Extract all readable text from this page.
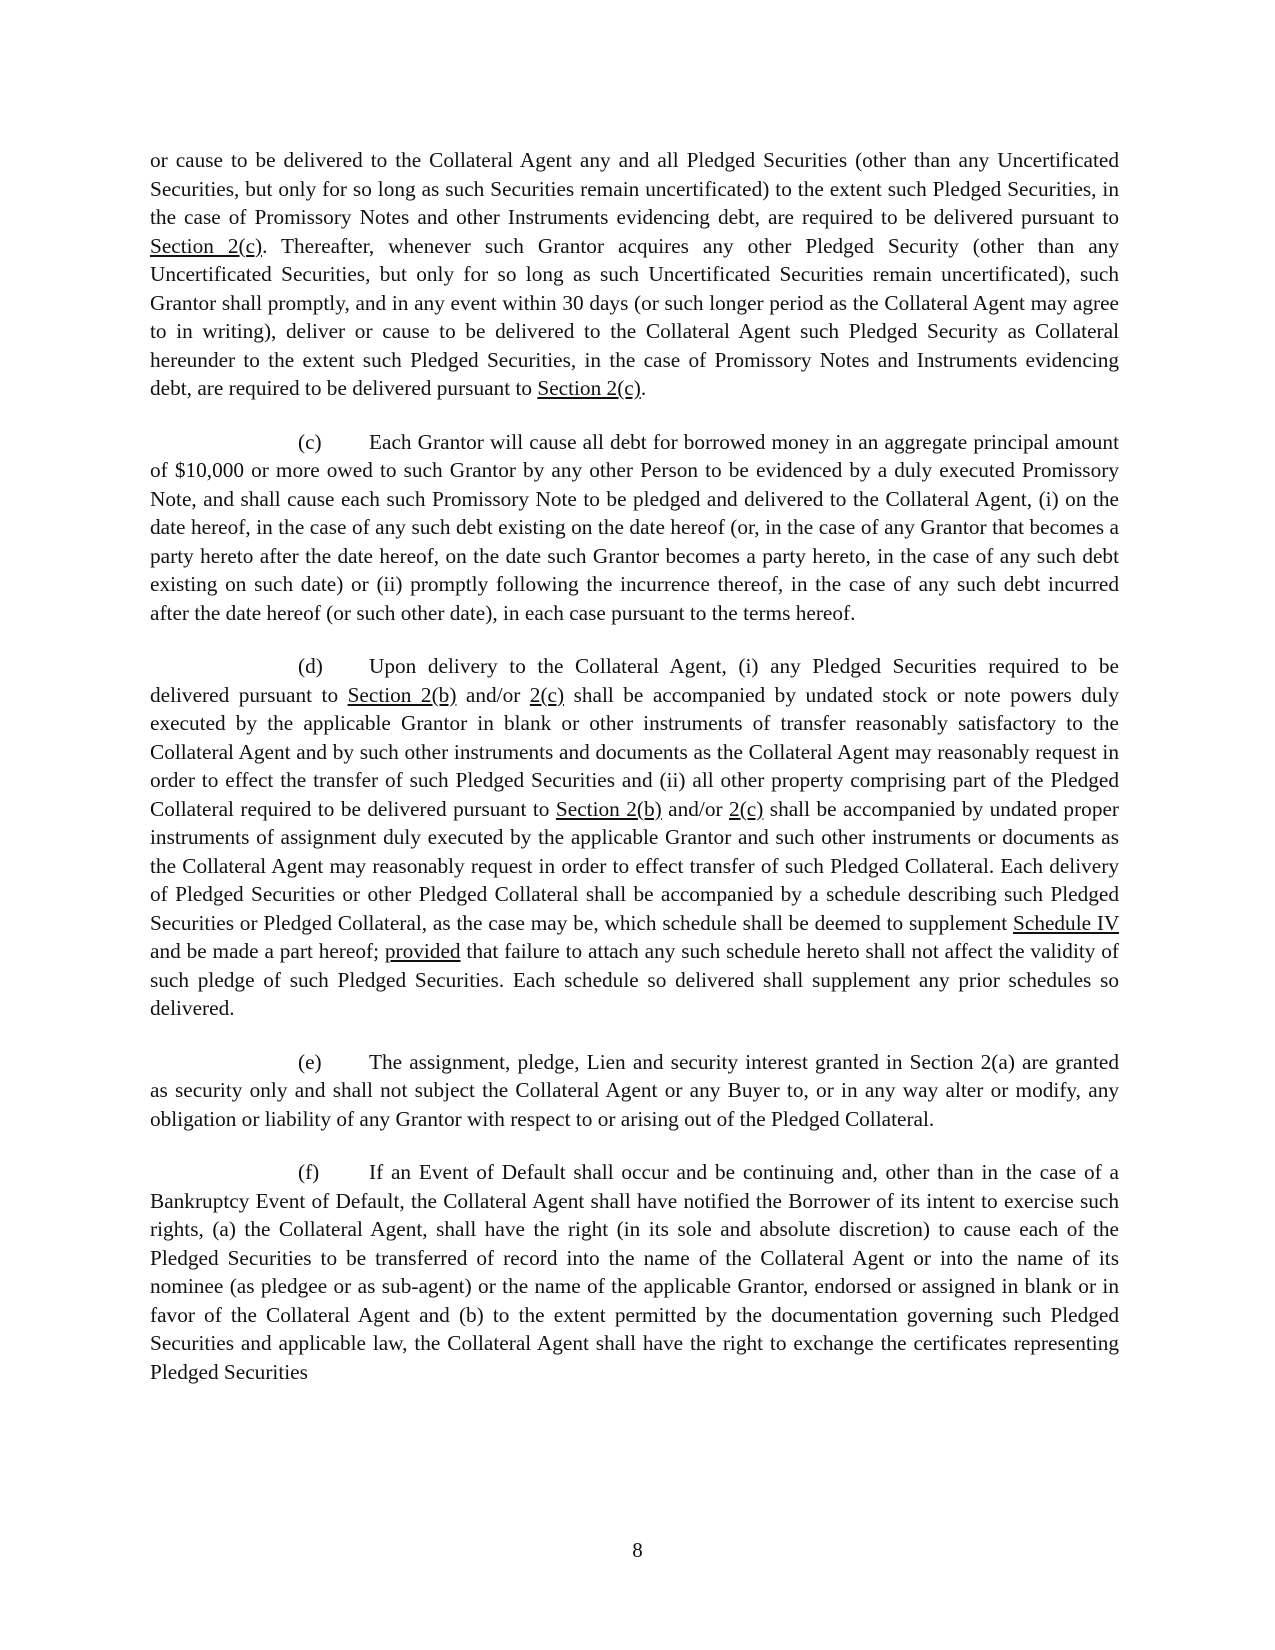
or cause to be delivered to the Collateral Agent any and all Pledged Securities (other than any Uncertificated Securities, but only for so long as such Securities remain uncertificated) to the extent such Pledged Securities, in the case of Promissory Notes and other Instruments evidencing debt, are required to be delivered pursuant to Section 2(c). Thereafter, whenever such Grantor acquires any other Pledged Security (other than any Uncertificated Securities, but only for so long as such Uncertificated Securities remain uncertificated), such Grantor shall promptly, and in any event within 30 days (or such longer period as the Collateral Agent may agree to in writing), deliver or cause to be delivered to the Collateral Agent such Pledged Security as Collateral hereunder to the extent such Pledged Securities, in the case of Promissory Notes and Instruments evidencing debt, are required to be delivered pursuant to Section 2(c).

(c) Each Grantor will cause all debt for borrowed money in an aggregate principal amount of $10,000 or more owed to such Grantor by any other Person to be evidenced by a duly executed Promissory Note, and shall cause each such Promissory Note to be pledged and delivered to the Collateral Agent, (i) on the date hereof, in the case of any such debt existing on the date hereof (or, in the case of any Grantor that becomes a party hereto after the date hereof, on the date such Grantor becomes a party hereto, in the case of any such debt existing on such date) or (ii) promptly following the incurrence thereof, in the case of any such debt incurred after the date hereof (or such other date), in each case pursuant to the terms hereof.

(d) Upon delivery to the Collateral Agent, (i) any Pledged Securities required to be delivered pursuant to Section 2(b) and/or 2(c) shall be accompanied by undated stock or note powers duly executed by the applicable Grantor in blank or other instruments of transfer reasonably satisfactory to the Collateral Agent and by such other instruments and documents as the Collateral Agent may reasonably request in order to effect the transfer of such Pledged Securities and (ii) all other property comprising part of the Pledged Collateral required to be delivered pursuant to Section 2(b) and/or 2(c) shall be accompanied by undated proper instruments of assignment duly executed by the applicable Grantor and such other instruments or documents as the Collateral Agent may reasonably request in order to effect transfer of such Pledged Collateral. Each delivery of Pledged Securities or other Pledged Collateral shall be accompanied by a schedule describing such Pledged Securities or Pledged Collateral, as the case may be, which schedule shall be deemed to supplement Schedule IV and be made a part hereof; provided that failure to attach any such schedule hereto shall not affect the validity of such pledge of such Pledged Securities. Each schedule so delivered shall supplement any prior schedules so delivered.

(e) The assignment, pledge, Lien and security interest granted in Section 2(a) are granted as security only and shall not subject the Collateral Agent or any Buyer to, or in any way alter or modify, any obligation or liability of any Grantor with respect to or arising out of the Pledged Collateral.

(f) If an Event of Default shall occur and be continuing and, other than in the case of a Bankruptcy Event of Default, the Collateral Agent shall have notified the Borrower of its intent to exercise such rights, (a) the Collateral Agent, shall have the right (in its sole and absolute discretion) to cause each of the Pledged Securities to be transferred of record into the name of the Collateral Agent or into the name of its nominee (as pledgee or as sub-agent) or the name of the applicable Grantor, endorsed or assigned in blank or in favor of the Collateral Agent and (b) to the extent permitted by the documentation governing such Pledged Securities and applicable law, the Collateral Agent shall have the right to exchange the certificates representing Pledged Securities

8
